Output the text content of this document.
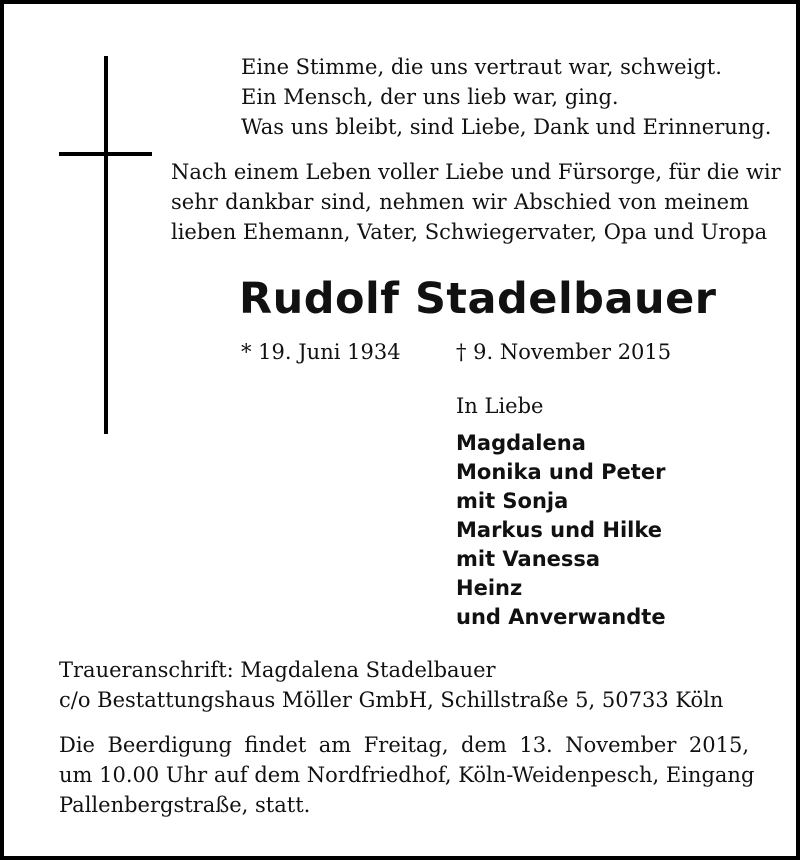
Eine Stimme, die uns vertraut war, schweigt.
Ein Mensch, der uns lieb war, ging.
Was uns bleibt, sind Liebe, Dank und Erinnerung.
Nach einem Leben voller Liebe und Fürsorge, für die wir
sehr dankbar sind, nehmen wir Abschied von meinem
lieben Ehemann, Vater, Schwiegervater, Opa und Uropa
Rudolf Stadelbauer
* 19. Juni 1934	† 9. November 2015
In Liebe
Magdalena
Monika und Peter
mit Sonja
Markus und Hilke
mit Vanessa
Heinz
und Anverwandte
Traueranschrift: Magdalena Stadelbauer
c/o Bestattungshaus Möller GmbH, Schillstraße 5, 50733 Köln
Die Beerdigung findet am Freitag, dem 13. November 2015,
um 10.00 Uhr auf dem Nordfriedhof, Köln-Weidenpesch, Eingang
Pallenbergstraße, statt.
